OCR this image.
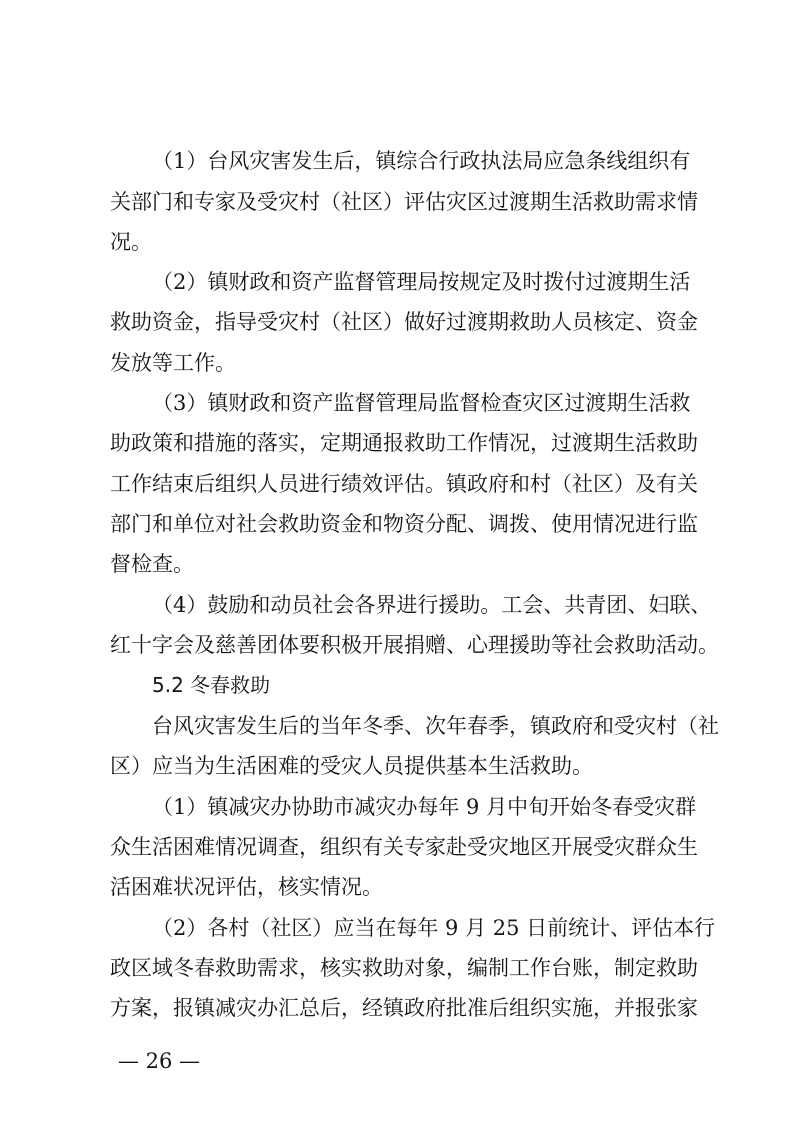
（1）台风灾害发生后，镇综合行政执法局应急条线组织有
关部门和专家及受灾村（社区）评估灾区过渡期生活救助需求情
况。
（2）镇财政和资产监督管理局按规定及时拨付过渡期生活
救助资金，指导受灾村（社区）做好过渡期救助人员核定、资金
发放等工作。
（3）镇财政和资产监督管理局监督检查灾区过渡期生活救
助政策和措施的落实，定期通报救助工作情况，过渡期生活救助
工作结束后组织人员进行绩效评估。镇政府和村（社区）及有关
部门和单位对社会救助资金和物资分配、调拨、使用情况进行监
督检查。
（4）鼓励和动员社会各界进行援助。工会、共青团、妇联、
红十字会及慈善团体要积极开展捐赠、心理援助等社会救助活动。
5.2 冬春救助
台风灾害发生后的当年冬季、次年春季，镇政府和受灾村（社
区）应当为生活困难的受灾人员提供基本生活救助。
（1）镇减灾办协助市减灾办每年 9 月中旬开始冬春受灾群
众生活困难情况调查，组织有关专家赴受灾地区开展受灾群众生
活困难状况评估，核实情况。
（2）各村（社区）应当在每年 9 月 25 日前统计、评估本行
政区域冬春救助需求，核实救助对象，编制工作台账，制定救助
方案，报镇减灾办汇总后，经镇政府批准后组织实施，并报张家
— 26 —
